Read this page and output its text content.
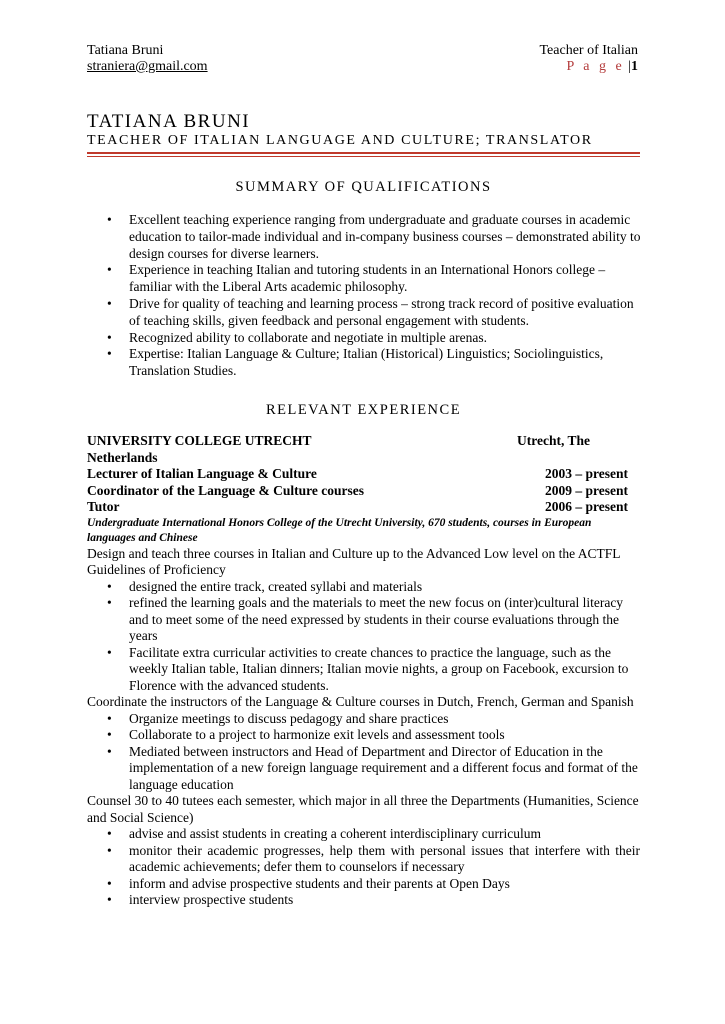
Tatiana Bruni
straniera@gmail.com
Teacher of Italian
P a g e |1
TATIANA BRUNI
TEACHER OF ITALIAN LANGUAGE AND CULTURE; TRANSLATOR
SUMMARY OF QUALIFICATIONS
• Excellent teaching experience ranging from undergraduate and graduate courses in academic education to tailor-made individual and in-company business courses – demonstrated ability to design courses for diverse learners.
• Experience in teaching Italian and tutoring students in an International Honors college – familiar with the Liberal Arts academic philosophy.
• Drive for quality of teaching and learning process – strong track record of positive evaluation of teaching skills, given feedback and personal engagement with students.
• Recognized ability to collaborate and negotiate in multiple arenas.
• Expertise: Italian Language & Culture; Italian (Historical) Linguistics; Sociolinguistics, Translation Studies.
RELEVANT EXPERIENCE
UNIVERSITY COLLEGE UTRECHT	Utrecht, The
Netherlands
Lecturer of Italian Language & Culture	2003 – present
Coordinator of the Language & Culture courses	2009 – present
Tutor	2006 – present
Undergraduate International Honors College of the Utrecht University, 670 students, courses in European languages and Chinese
Design and teach three courses in Italian and Culture up to the Advanced Low level on the ACTFL Guidelines of Proficiency
• designed the entire track, created syllabi and materials
• refined the learning goals and the materials to meet the new focus on (inter)cultural literacy and to meet some of the need expressed by students in their course evaluations through the years
• Facilitate extra curricular activities to create chances to practice the language, such as the weekly Italian table, Italian dinners; Italian movie nights, a group on Facebook, excursion to Florence with the advanced students.
Coordinate the instructors of the Language & Culture courses in Dutch, French, German and Spanish
• Organize meetings to discuss pedagogy and share practices
• Collaborate to a project to harmonize exit levels and assessment tools
• Mediated between instructors and Head of Department and Director of Education in the implementation of a new foreign language requirement and a different focus and format of the language education
Counsel 30 to 40 tutees each semester, which major in all three the Departments (Humanities, Science and Social Science)
• advise and assist students in creating a coherent interdisciplinary curriculum
• monitor their academic progresses, help them with personal issues that interfere with their academic achievements; defer them to counselors if necessary
• inform and advise prospective students and their parents at Open Days
• interview prospective students
